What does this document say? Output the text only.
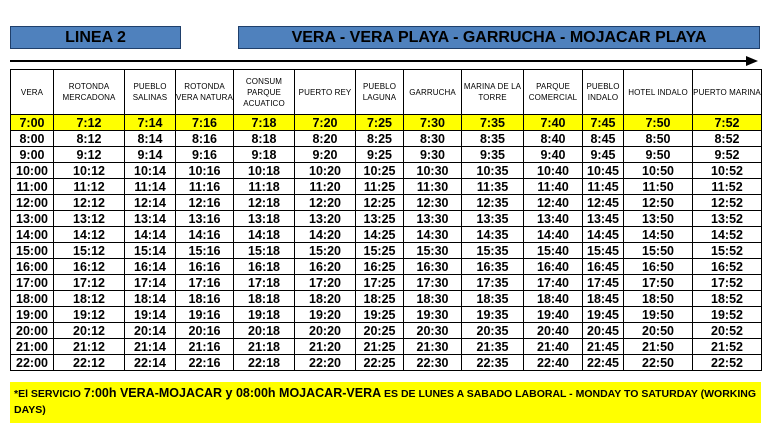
LINEA 2	VERA - VERA PLAYA - GARRUCHA - MOJACAR PLAYA
VERA	ROTONDA MERCADONA	PUEBLO SALINAS	ROTONDA VERA NATURA	CONSUM PARQUE ACUATICO	PUERTO REY	PUEBLO LAGUNA	GARRUCHA	MARINA DE LA TORRE	PARQUE COMERCIAL	PUEBLO INDALO	HOTEL INDALO	PUERTO MARINA
7:00	7:12	7:14	7:16	7:18	7:20	7:25	7:30	7:35	7:40	7:45	7:50	7:52
8:00	8:12	8:14	8:16	8:18	8:20	8:25	8:30	8:35	8:40	8:45	8:50	8:52
9:00	9:12	9:14	9:16	9:18	9:20	9:25	9:30	9:35	9:40	9:45	9:50	9:52
10:00	10:12	10:14	10:16	10:18	10:20	10:25	10:30	10:35	10:40	10:45	10:50	10:52
11:00	11:12	11:14	11:16	11:18	11:20	11:25	11:30	11:35	11:40	11:45	11:50	11:52
12:00	12:12	12:14	12:16	12:18	12:20	12:25	12:30	12:35	12:40	12:45	12:50	12:52
13:00	13:12	13:14	13:16	13:18	13:20	13:25	13:30	13:35	13:40	13:45	13:50	13:52
14:00	14:12	14:14	14:16	14:18	14:20	14:25	14:30	14:35	14:40	14:45	14:50	14:52
15:00	15:12	15:14	15:16	15:18	15:20	15:25	15:30	15:35	15:40	15:45	15:50	15:52
16:00	16:12	16:14	16:16	16:18	16:20	16:25	16:30	16:35	16:40	16:45	16:50	16:52
17:00	17:12	17:14	17:16	17:18	17:20	17:25	17:30	17:35	17:40	17:45	17:50	17:52
18:00	18:12	18:14	18:16	18:18	18:20	18:25	18:30	18:35	18:40	18:45	18:50	18:52
19:00	19:12	19:14	19:16	19:18	19:20	19:25	19:30	19:35	19:40	19:45	19:50	19:52
20:00	20:12	20:14	20:16	20:18	20:20	20:25	20:30	20:35	20:40	20:45	20:50	20:52
21:00	21:12	21:14	21:16	21:18	21:20	21:25	21:30	21:35	21:40	21:45	21:50	21:52
22:00	22:12	22:14	22:16	22:18	22:20	22:25	22:30	22:35	22:40	22:45	22:50	22:52
*El SERVICIO 7:00h VERA-MOJACAR y 08:00h MOJACAR-VERA ES DE LUNES A SABADO LABORAL - MONDAY TO SATURDAY (WORKING DAYS)
